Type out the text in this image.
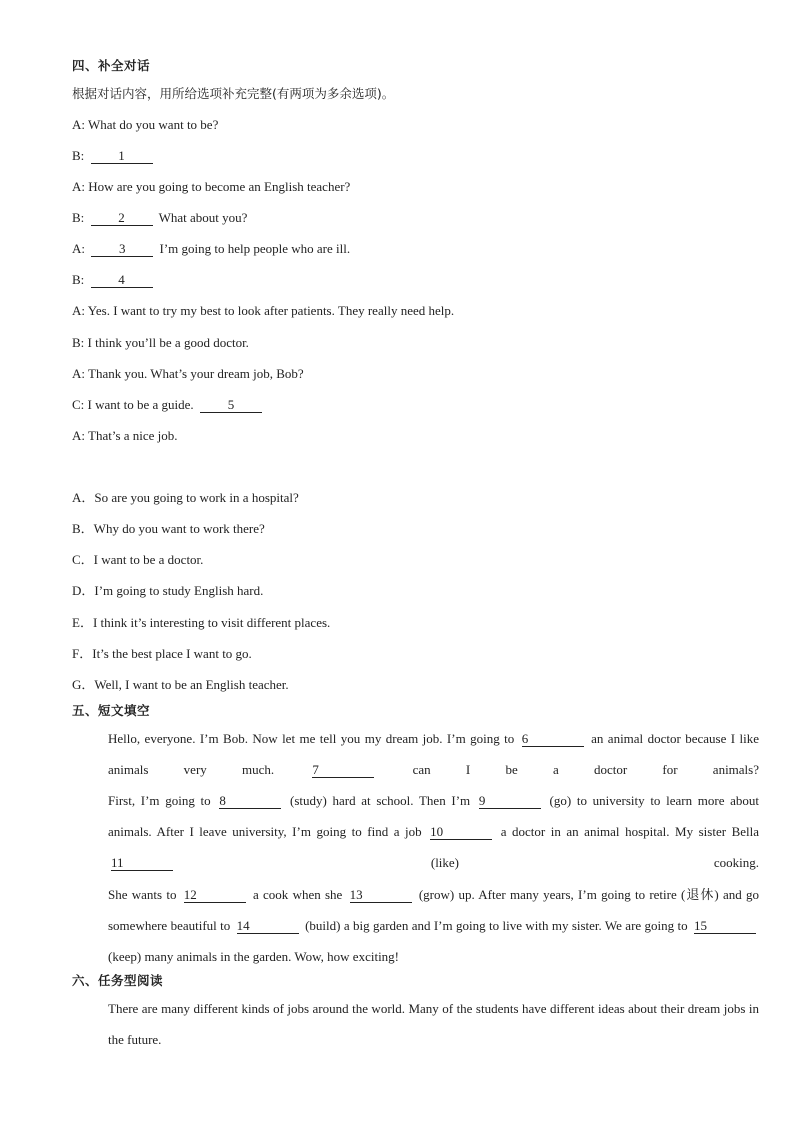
四、补全对话
根据对话内容，用所给选项补充完整(有两项为多余选项)。
A: What do you want to be?
B:	1
A: How are you going to become an English teacher?
B:	2	What about you?
A:	3	I’m going to help people who are ill.
B:	4
A: Yes. I want to try my best to look after patients. They really need help.
B: I think you’ll be a good doctor.
A: Thank you. What’s your dream job, Bob?
C: I want to be a guide.	5
A: That’s a nice job.
A．So are you going to work in a hospital?
B．Why do you want to work there?
C．I want to be a doctor.
D．I’m going to study English hard.
E．I think it’s interesting to visit different places.
F．It’s the best place I want to go.
G．Well, I want to be an English teacher.
五、短文填空
Hello, everyone. I’m Bob. Now let me tell you my dream job. I’m going to 6	an animal doctor because I like animals very much.	7	can I be a doctor for animals?
First, I’m going to 8	(study) hard at school. Then I’m 9	(go) to university to learn more about animals. After I leave university, I’m going to find a job 10	a doctor in an animal hospital. My sister Bella 11	(like) cooking.
She wants to 12	a cook when she 13	(grow) up. After many years, I’m going to retire (退休) and go somewhere beautiful to 14	(build) a big garden and I’m going to live with my sister. We are going to 15 (keep) many animals in the garden. Wow, how exciting!
六、任务型阅读
There are many different kinds of jobs around the world. Many of the students have different ideas about their dream jobs in the future.
